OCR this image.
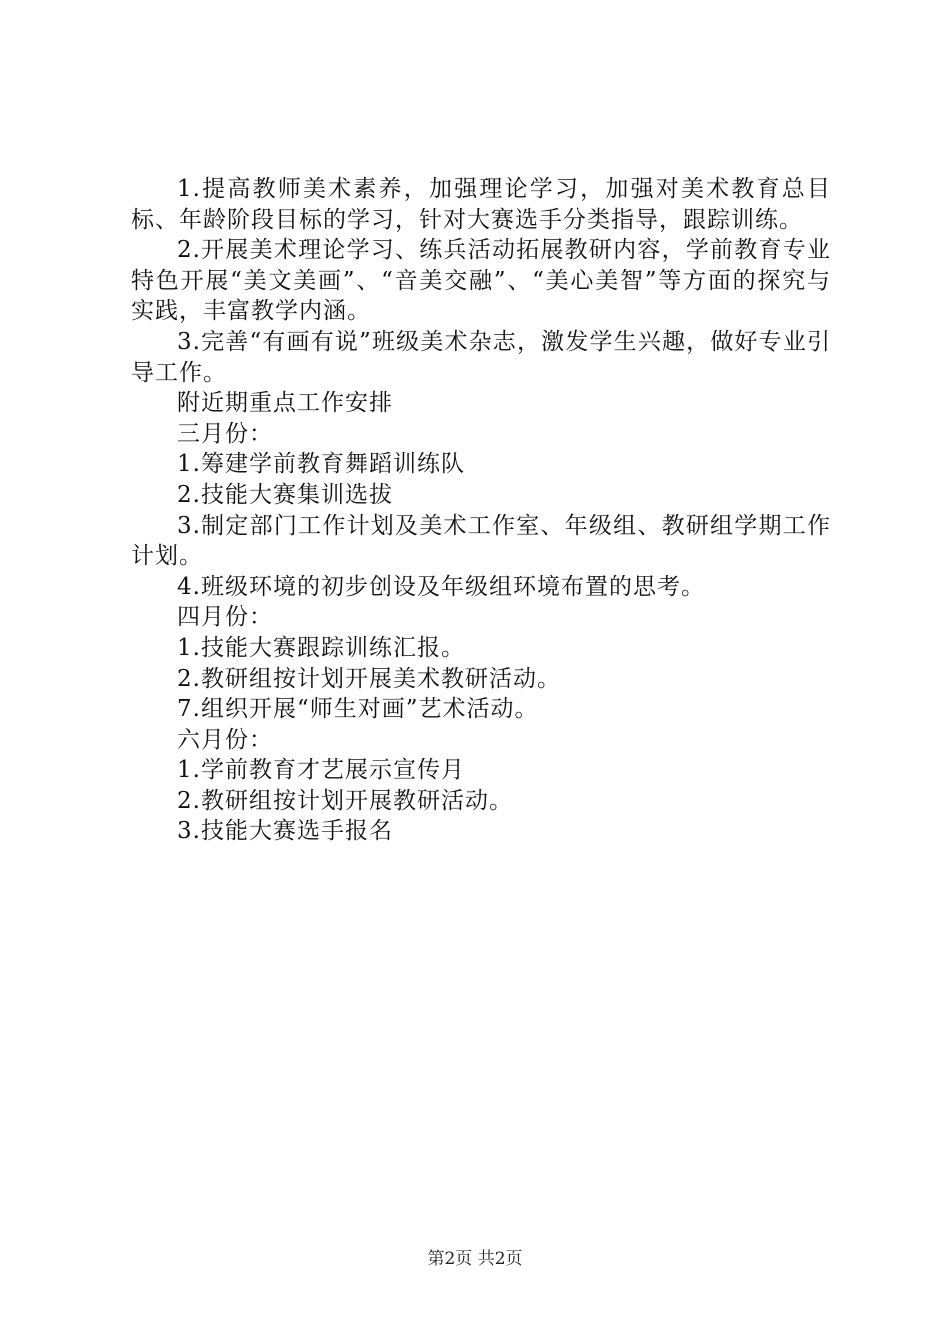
1.提高教师美术素养，加强理论学习，加强对美术教育总目标、年龄阶段目标的学习，针对大赛选手分类指导，跟踪训练。

2.开展美术理论学习、练兵活动拓展教研内容，学前教育专业特色开展“美文美画”、“音美交融”、“美心美智”等方面的探究与实践，丰富教学内涵。

3.完善“有画有说”班级美术杂志，激发学生兴趣，做好专业引导工作。

附近期重点工作安排

三月份：

1.筹建学前教育舞蹈训练队

2.技能大赛集训选拔

3.制定部门工作计划及美术工作室、年级组、教研组学期工作计划。

4.班级环境的初步创设及年级组环境布置的思考。

四月份：

1.技能大赛跟踪训练汇报。

2.教研组按计划开展美术教研活动。

7.组织开展“师生对画”艺术活动。

六月份：

1.学前教育才艺展示宣传月

2.教研组按计划开展教研活动。

3.技能大赛选手报名

第2页 共2页
